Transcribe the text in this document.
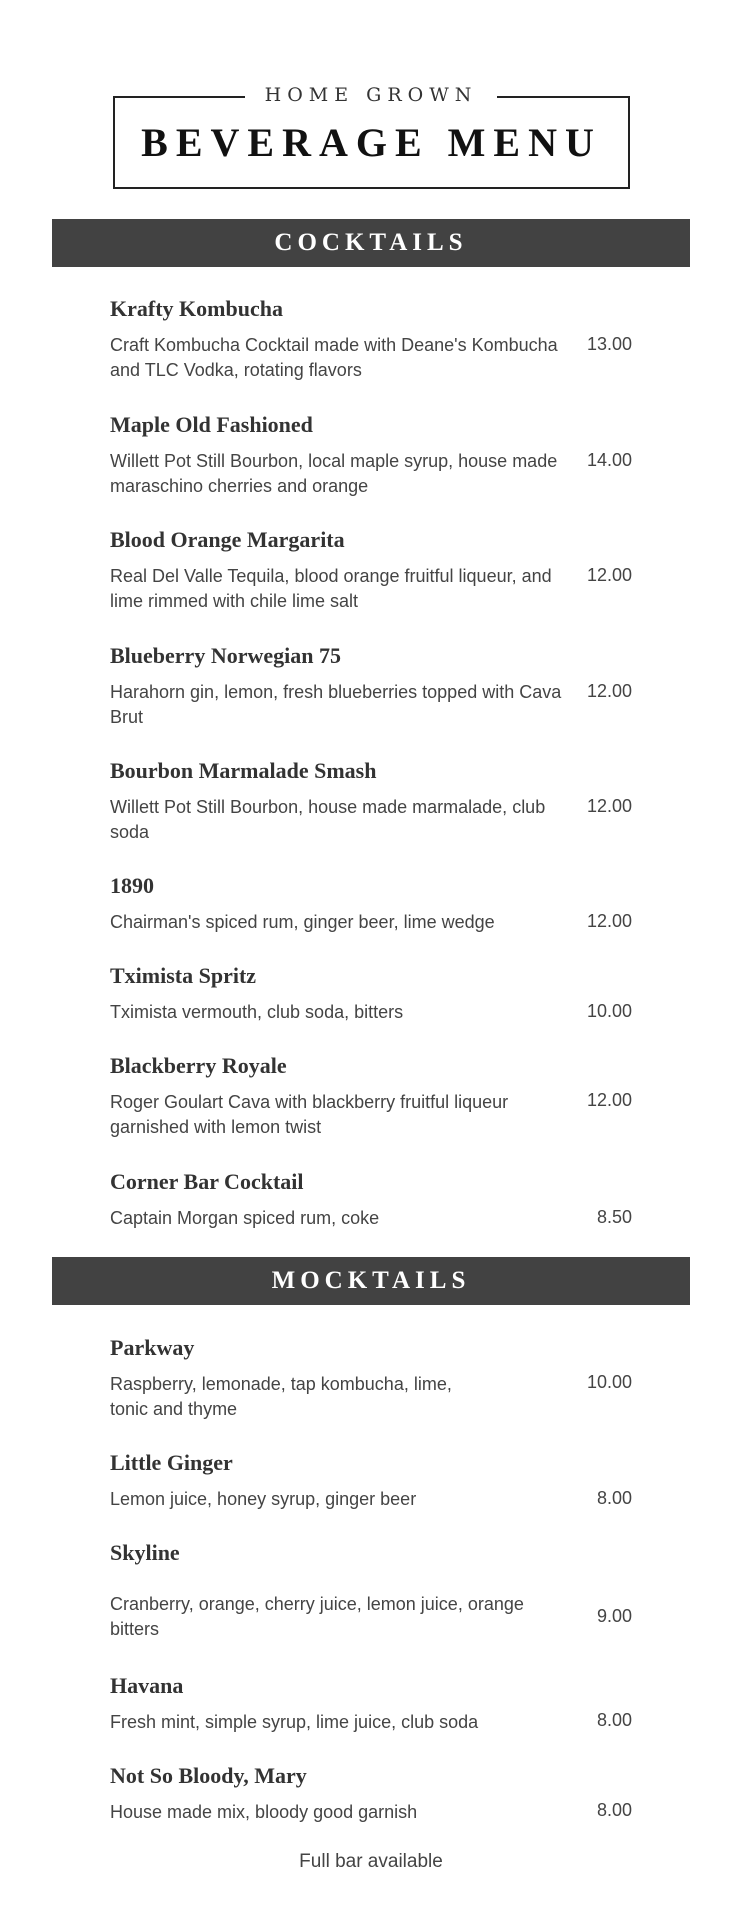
HOME GROWN
BEVERAGE MENU
COCKTAILS
Krafty Kombucha
Craft Kombucha Cocktail made with Deane's Kombucha and TLC Vodka, rotating flavors
13.00
Maple Old Fashioned
Willett Pot Still Bourbon, local maple syrup, house made maraschino cherries and orange
14.00
Blood Orange Margarita
Real Del Valle Tequila, blood orange fruitful liqueur, and lime rimmed with chile lime salt
12.00
Blueberry Norwegian 75
Harahorn gin, lemon, fresh blueberries topped with Cava Brut
12.00
Bourbon Marmalade Smash
Willett Pot Still Bourbon, house made marmalade, club soda
12.00
1890
Chairman's spiced rum, ginger beer, lime wedge	12.00
Tximista Spritz
Tximista vermouth, club soda, bitters	10.00
Blackberry Royale
Roger Goulart Cava with blackberry fruitful liqueur garnished with lemon twist
12.00
Corner Bar Cocktail
Captain Morgan spiced rum, coke	8.50
MOCKTAILS
Parkway
Raspberry, lemonade, tap kombucha, lime, tonic and thyme
10.00
Little Ginger
Lemon juice, honey syrup, ginger beer	8.00
Skyline
Cranberry, orange, cherry juice, lemon juice, orange bitters
9.00
Havana
Fresh mint, simple syrup, lime juice, club soda	8.00
Not So Bloody, Mary
House made mix, bloody good garnish	8.00
Full bar available
